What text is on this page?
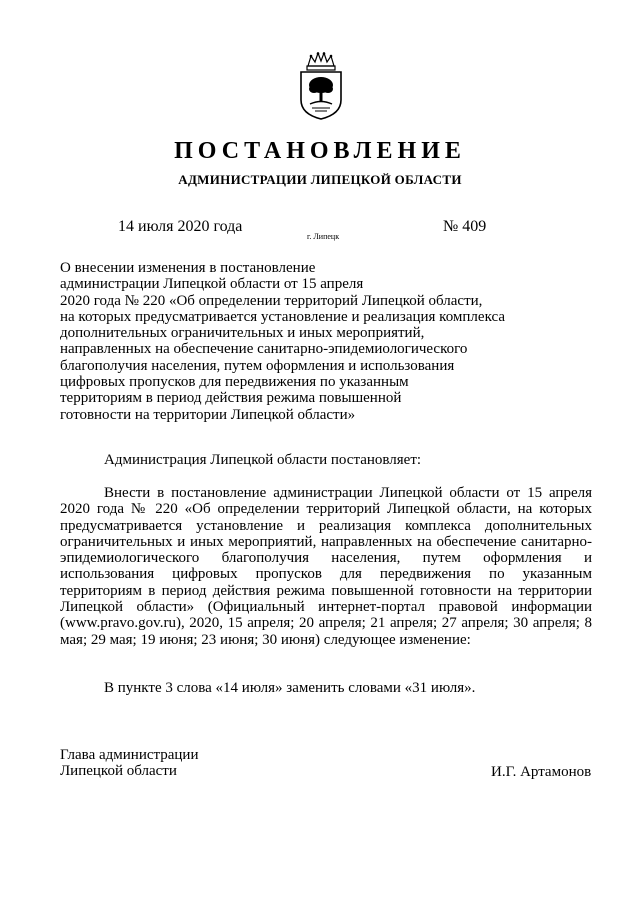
ПОСТАНОВЛЕНИЕ
АДМИНИСТРАЦИИ ЛИПЕЦКОЙ ОБЛАСТИ
14 июля 2020 года
г. Липецк
№ 409

О внесении изменения в постановление
администрации Липецкой области от 15 апреля
2020 года № 220 «Об определении территорий Липецкой области,
на которых предусматривается установление и реализация комплекса
дополнительных ограничительных и иных мероприятий,
направленных на обеспечение санитарно-эпидемиологического
благополучия населения, путем оформления и использования
цифровых пропусков для передвижения по указанным
территориям в период действия режима повышенной
готовности на территории Липецкой области»

Администрация Липецкой области постановляет:

Внести в постановление администрации Липецкой области от 15 апреля 2020 года № 220 «Об определении территорий Липецкой области, на которых предусматривается установление и реализация комплекса дополнительных ограничительных и иных мероприятий, направленных на обеспечение санитарно-эпидемиологического благополучия населения, путем оформления и использования цифровых пропусков для передвижения по указанным территориям в период действия режима повышенной готовности на территории Липецкой области» (Официальный интернет-портал правовой информации (www.pravo.gov.ru), 2020, 15 апреля; 20 апреля; 21 апреля; 27 апреля; 30 апреля; 8 мая; 29 мая; 19 июня; 23 июня; 30 июня) следующее изменение:

В пункте 3 слова «14 июля» заменить словами «31 июля».

Глава администрации
Липецкой области	И.Г. Артамонов
